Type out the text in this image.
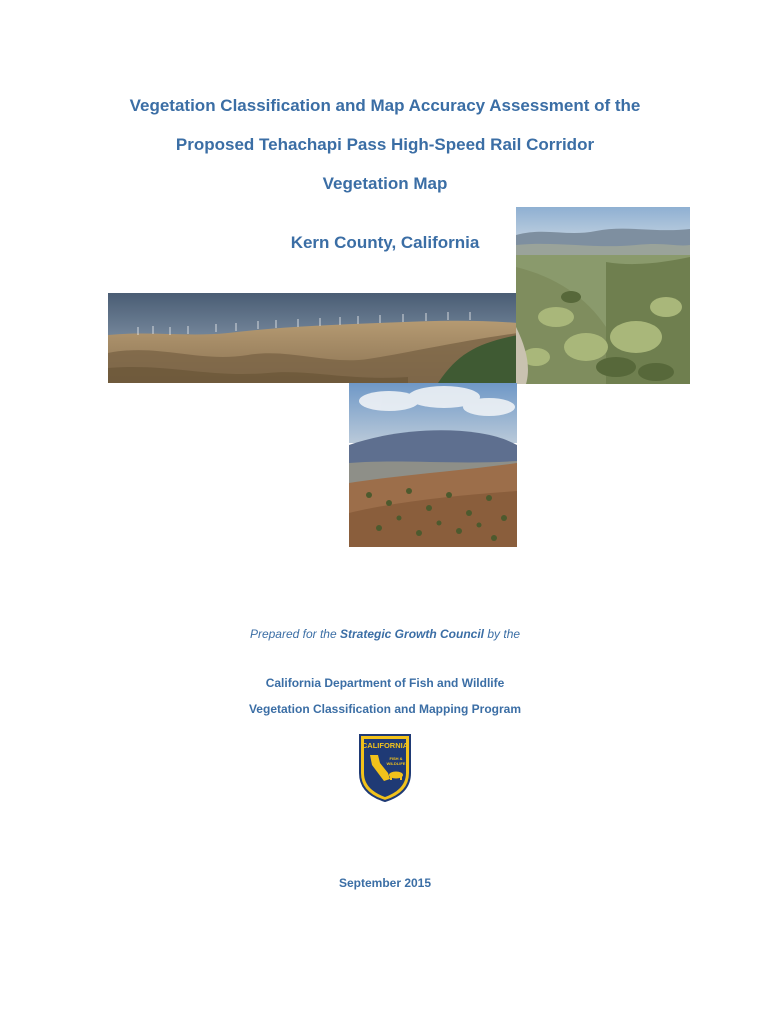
Vegetation Classification and Map Accuracy Assessment of the
Proposed Tehachapi Pass High-Speed Rail Corridor
Vegetation Map
Kern County, California
Prepared for the Strategic Growth Council by the
California Department of Fish and Wildlife
Vegetation Classification and Mapping Program
CALIFORNIA
FISH &
WILDLIFE
September 2015
